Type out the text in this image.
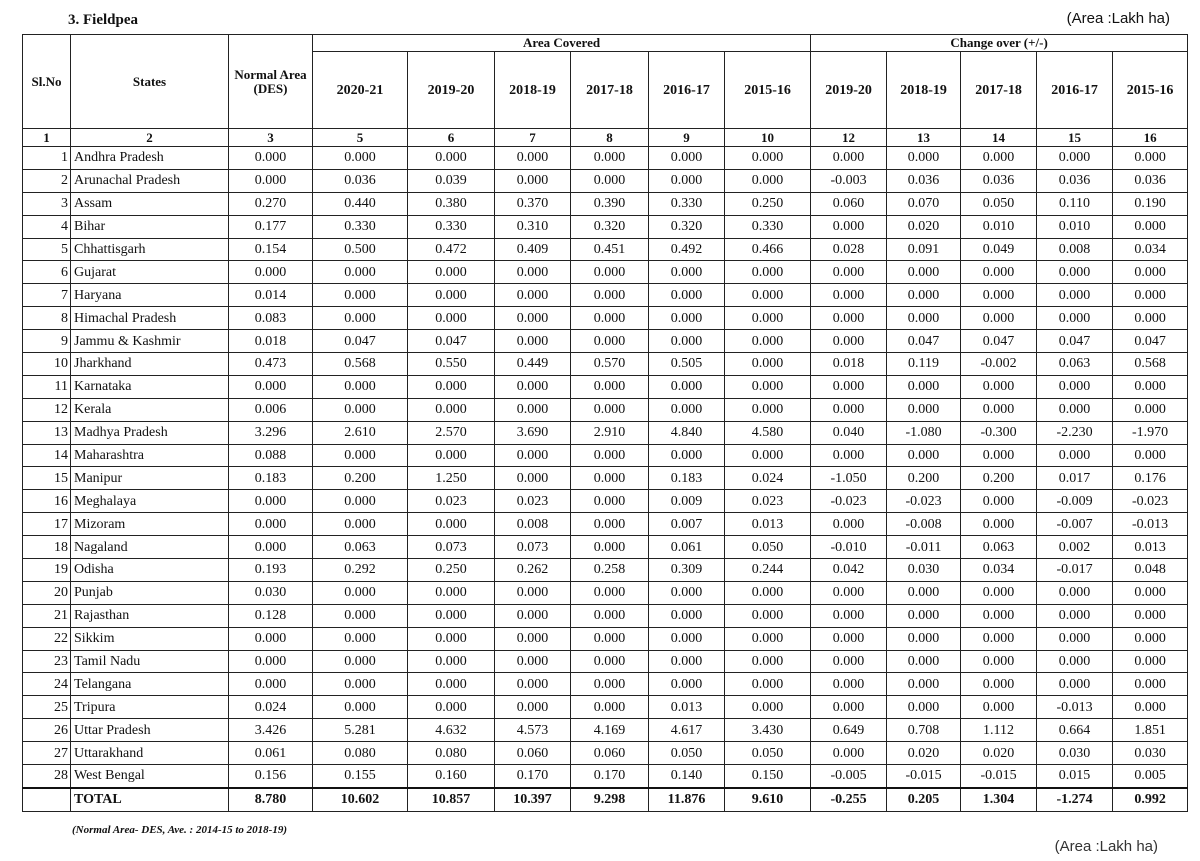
3. Fieldpea	(Area :Lakh ha)
Sl.No	States	Normal Area (DES)	Area Covered						Change over (+/-)				
			2020-21	2019-20	2018-19	2017-18	2016-17	2015-16	2019-20	2018-19	2017-18	2016-17	2015-16
1	2	3	5	6	7	8	9	10	12	13	14	15	16
1	Andhra Pradesh	0.000	0.000	0.000	0.000	0.000	0.000	0.000	0.000	0.000	0.000	0.000	0.000
2	Arunachal Pradesh	0.000	0.036	0.039	0.000	0.000	0.000	0.000	-0.003	0.036	0.036	0.036	0.036
3	Assam	0.270	0.440	0.380	0.370	0.390	0.330	0.250	0.060	0.070	0.050	0.110	0.190
4	Bihar	0.177	0.330	0.330	0.310	0.320	0.320	0.330	0.000	0.020	0.010	0.010	0.000
5	Chhattisgarh	0.154	0.500	0.472	0.409	0.451	0.492	0.466	0.028	0.091	0.049	0.008	0.034
6	Gujarat	0.000	0.000	0.000	0.000	0.000	0.000	0.000	0.000	0.000	0.000	0.000	0.000
7	Haryana	0.014	0.000	0.000	0.000	0.000	0.000	0.000	0.000	0.000	0.000	0.000	0.000
8	Himachal Pradesh	0.083	0.000	0.000	0.000	0.000	0.000	0.000	0.000	0.000	0.000	0.000	0.000
9	Jammu & Kashmir	0.018	0.047	0.047	0.000	0.000	0.000	0.000	0.000	0.047	0.047	0.047	0.047
10	Jharkhand	0.473	0.568	0.550	0.449	0.570	0.505	0.000	0.018	0.119	-0.002	0.063	0.568
11	Karnataka	0.000	0.000	0.000	0.000	0.000	0.000	0.000	0.000	0.000	0.000	0.000	0.000
12	Kerala	0.006	0.000	0.000	0.000	0.000	0.000	0.000	0.000	0.000	0.000	0.000	0.000
13	Madhya Pradesh	3.296	2.610	2.570	3.690	2.910	4.840	4.580	0.040	-1.080	-0.300	-2.230	-1.970
14	Maharashtra	0.088	0.000	0.000	0.000	0.000	0.000	0.000	0.000	0.000	0.000	0.000	0.000
15	Manipur	0.183	0.200	1.250	0.000	0.000	0.183	0.024	-1.050	0.200	0.200	0.017	0.176
16	Meghalaya	0.000	0.000	0.023	0.023	0.000	0.009	0.023	-0.023	-0.023	0.000	-0.009	-0.023
17	Mizoram	0.000	0.000	0.000	0.008	0.000	0.007	0.013	0.000	-0.008	0.000	-0.007	-0.013
18	Nagaland	0.000	0.063	0.073	0.073	0.000	0.061	0.050	-0.010	-0.011	0.063	0.002	0.013
19	Odisha	0.193	0.292	0.250	0.262	0.258	0.309	0.244	0.042	0.030	0.034	-0.017	0.048
20	Punjab	0.030	0.000	0.000	0.000	0.000	0.000	0.000	0.000	0.000	0.000	0.000	0.000
21	Rajasthan	0.128	0.000	0.000	0.000	0.000	0.000	0.000	0.000	0.000	0.000	0.000	0.000
22	Sikkim	0.000	0.000	0.000	0.000	0.000	0.000	0.000	0.000	0.000	0.000	0.000	0.000
23	Tamil Nadu	0.000	0.000	0.000	0.000	0.000	0.000	0.000	0.000	0.000	0.000	0.000	0.000
24	Telangana	0.000	0.000	0.000	0.000	0.000	0.000	0.000	0.000	0.000	0.000	0.000	0.000
25	Tripura	0.024	0.000	0.000	0.000	0.000	0.013	0.000	0.000	0.000	0.000	-0.013	0.000
26	Uttar Pradesh	3.426	5.281	4.632	4.573	4.169	4.617	3.430	0.649	0.708	1.112	0.664	1.851
27	Uttarakhand	0.061	0.080	0.080	0.060	0.060	0.050	0.050	0.000	0.020	0.020	0.030	0.030
28	West Bengal	0.156	0.155	0.160	0.170	0.170	0.140	0.150	-0.005	-0.015	-0.015	0.015	0.005
	TOTAL	8.780	10.602	10.857	10.397	9.298	11.876	9.610	-0.255	0.205	1.304	-1.274	0.992
(Normal Area- DES, Ave. : 2014-15 to 2018-19)
(Area :Lakh ha)
